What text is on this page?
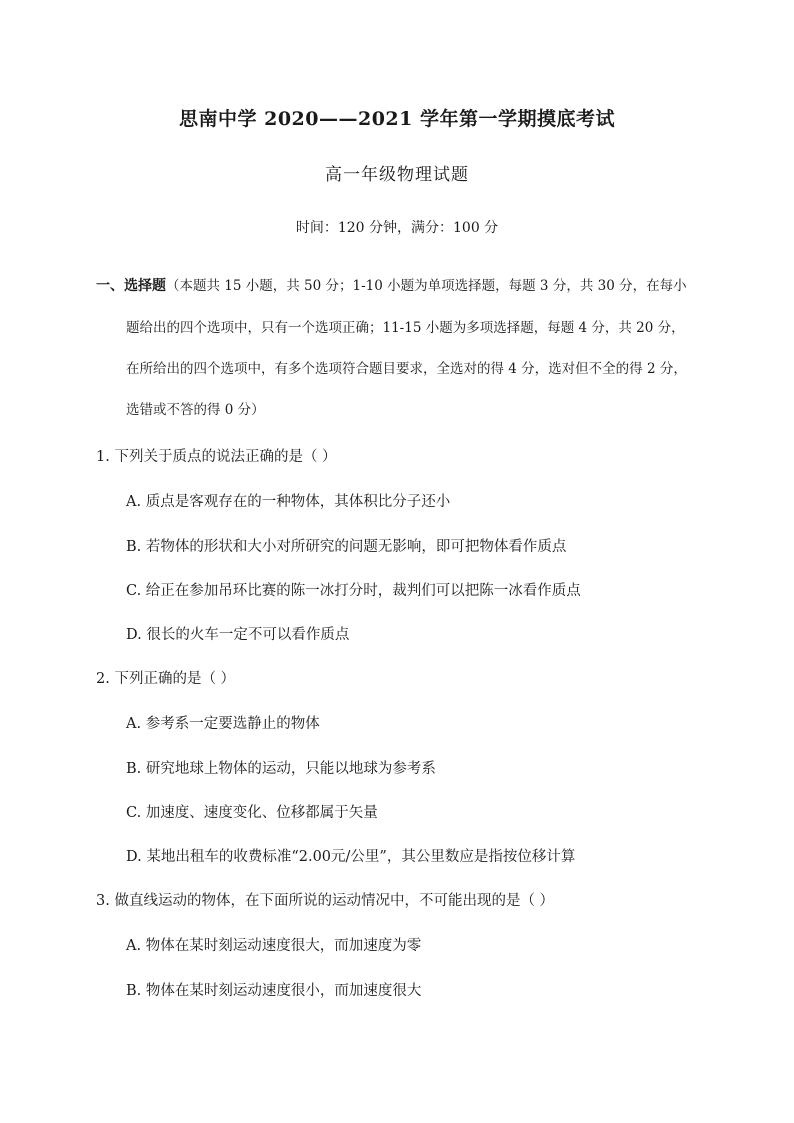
思南中学 2020——2021 学年第一学期摸底考试
高一年级物理试题
时间：120 分钟，满分：100 分
一、选择题（本题共 15 小题，共 50 分；1-10 小题为单项选择题，每题 3 分，共 30 分，在每小
题给出的四个选项中，只有一个选项正确；11-15 小题为多项选择题，每题 4 分，共 20 分，
在所给出的四个选项中，有多个选项符合题目要求，全选对的得 4 分，选对但不全的得 2 分，
选错或不答的得 0 分）
1. 下列关于质点的说法正确的是（ ）
A. 质点是客观存在的一种物体，其体积比分子还小
B. 若物体的形状和大小对所研究的问题无影响，即可把物体看作质点
C. 给正在参加吊环比赛的陈一冰打分时，裁判们可以把陈一冰看作质点
D. 很长的火车一定不可以看作质点
2. 下列正确的是（ ）
A. 参考系一定要选静止的物体
B. 研究地球上物体的运动，只能以地球为参考系
C. 加速度、速度变化、位移都属于矢量
D. 某地出租车的收费标准“2.00元/公里”，其公里数应是指按位移计算
3. 做直线运动的物体，在下面所说的运动情况中，不可能出现的是（ ）
A. 物体在某时刻运动速度很大，而加速度为零
B. 物体在某时刻运动速度很小，而加速度很大
